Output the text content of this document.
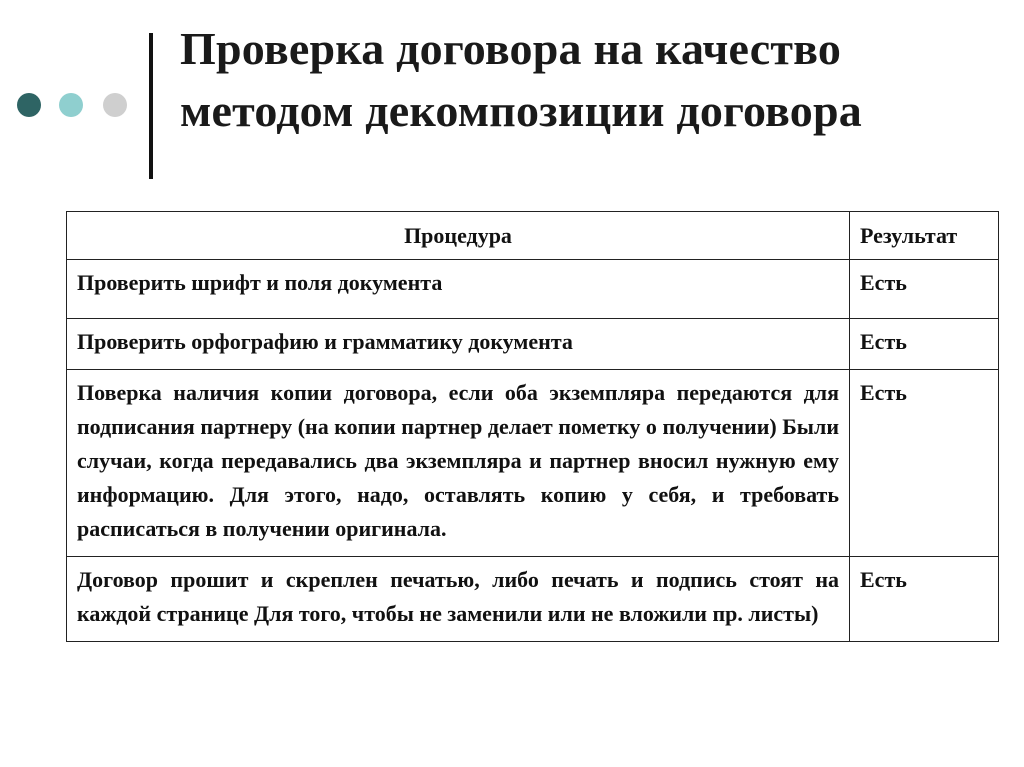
Проверка договора на качество методом декомпозиции договора
Процедура	Результат
Проверить шрифт и поля документа	Есть
Проверить орфографию и грамматику документа	Есть
Поверка наличия копии договора, если оба экземпляра передаются для подписания партнеру (на копии партнер делает пометку о получении) Были случаи, когда передавались два экземпляра и партнер вносил нужную ему информацию. Для этого, надо, оставлять копию у себя, и требовать расписаться в получении оригинала.	Есть
Договор прошит и скреплен печатью, либо печать и подпись стоят на каждой странице Для того, чтобы не заменили или не вложили пр. листы)	Есть
